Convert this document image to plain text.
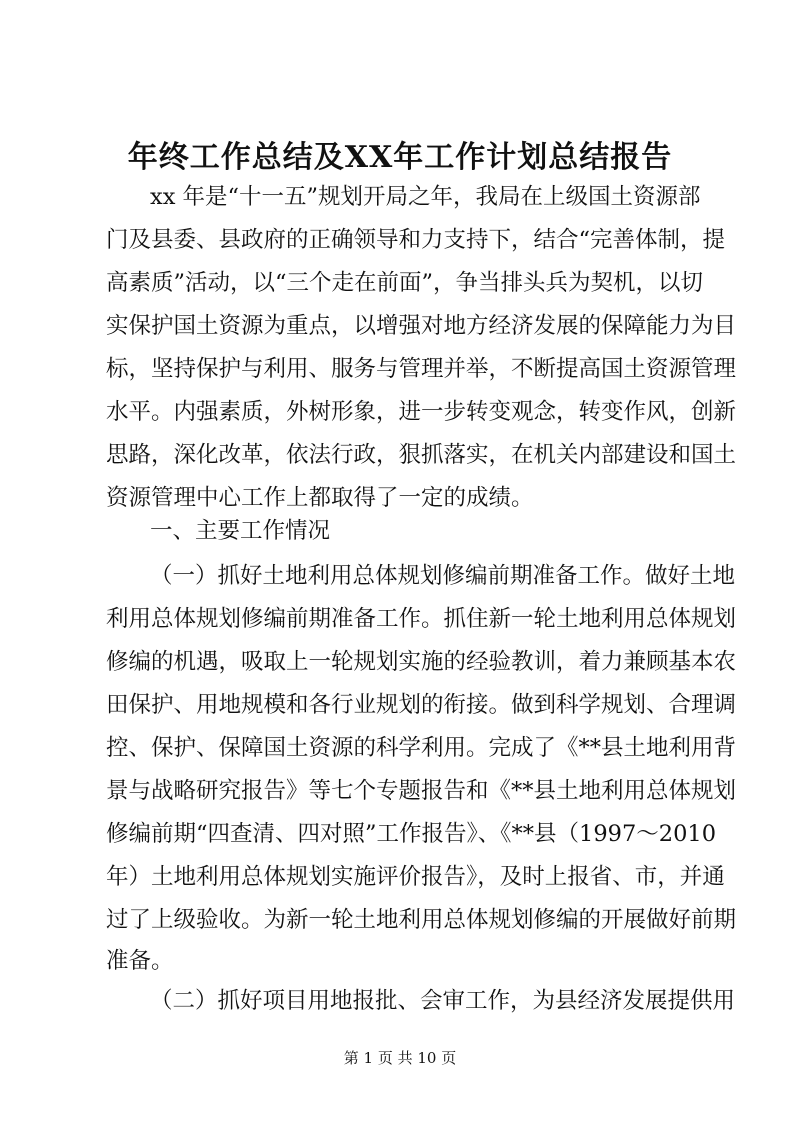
年终工作总结及XX年工作计划总结报告

xx 年是“十一五”规划开局之年，我局在上级国土资源部

门及县委、县政府的正确领导和力支持下，结合“完善体制，提

高素质”活动，以“三个走在前面”，争当排头兵为契机，以切

实保护国土资源为重点，以增强对地方经济发展的保障能力为目

标，坚持保护与利用、服务与管理并举，不断提高国土资源管理

水平。内强素质，外树形象，进一步转变观念，转变作风，创新

思路，深化改革，依法行政，狠抓落实，在机关内部建设和国土

资源管理中心工作上都取得了一定的成绩。

一、主要工作情况

（一）抓好土地利用总体规划修编前期准备工作。做好土地

利用总体规划修编前期准备工作。抓住新一轮土地利用总体规划

修编的机遇，吸取上一轮规划实施的经验教训，着力兼顾基本农

田保护、用地规模和各行业规划的衔接。做到科学规划、合理调

控、保护、保障国土资源的科学利用。完成了《**县土地利用背

景与战略研究报告》等七个专题报告和《**县土地利用总体规划

修编前期“四查清、四对照”工作报告》、《**县（1997～2010

年）土地利用总体规划实施评价报告》，及时上报省、市，并通

过了上级验收。为新一轮土地利用总体规划修编的开展做好前期

准备。

（二）抓好项目用地报批、会审工作，为县经济发展提供用

第 1 页 共 10 页
